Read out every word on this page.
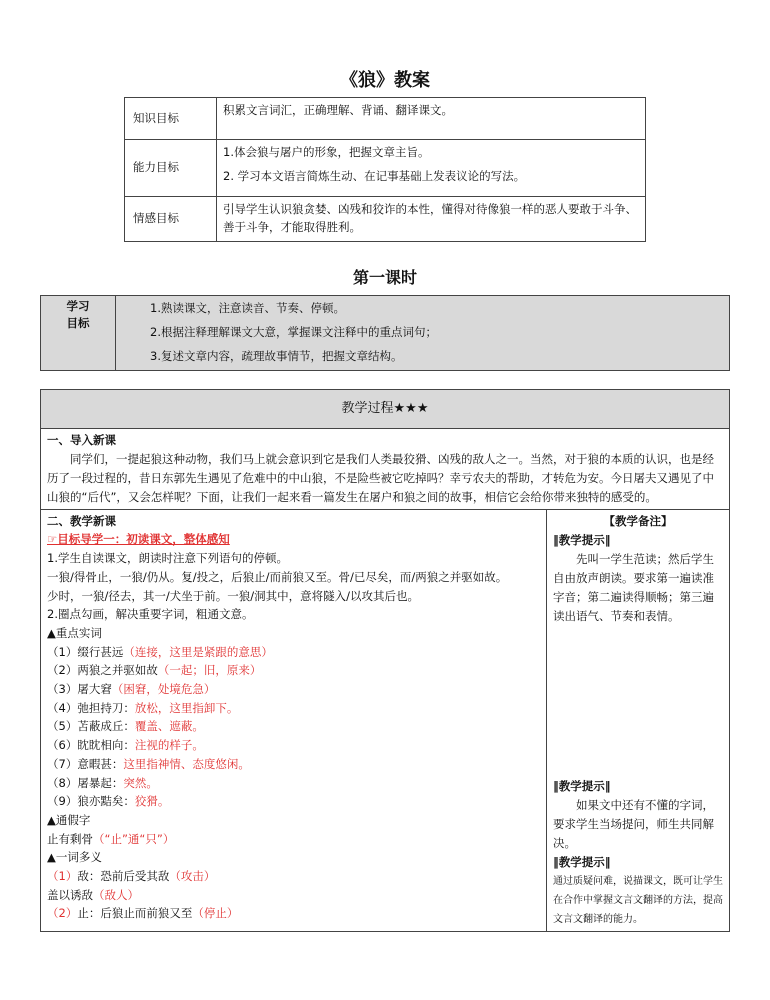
《狼》教案
知识目标	积累文言词汇，正确理解、背诵、翻译课文。

能力目标	1.体会狼与屠户的形象，把握文章主旨。

2. 学习本文语言简炼生动、在记事基础上发表议论的写法。

情感目标	引导学生认识狼贪婪、凶残和狡诈的本性，懂得对待像狼一样的恶人要敢于斗争、善于斗争，才能取得胜利。

第一课时
学习
目标

1.熟读课文，注意读音、节奏、停顿。

2.根据注释理解课文大意，掌握课文注释中的重点词句；

3.复述文章内容，疏理故事情节，把握文章结构。

教学过程★★★

一、导入新课
同学们，一提起狼这种动物，我们马上就会意识到它是我们人类最狡猾、凶残的敌人之一。当然，对于狼的本质的认识，也是经历了一段过程的，昔日东郭先生遇见了危难中的中山狼，不是险些被它吃掉吗？幸亏农夫的帮助，才转危为安。今日屠夫又遇见了中山狼的“后代”，又会怎样呢？下面，让我们一起来看一篇发生在屠户和狼之间的故事，相信它会给你带来独特的感受的。

二、教学新课
☞目标导学一：初读课文，整体感知
1.学生自读课文，朗读时注意下列语句的停顿。
一狼/得骨止，一狼/仍从。复/投之，后狼止/而前狼又至。骨/已尽矣，而/两狼之并驱如故。
少时，一狼/径去，其一/犬坐于前。一狼/洞其中，意将隧入/以攻其后也。
2.圈点勾画，解决重要字词，粗通文意。
▲重点实词
（1）缀行甚远（连接，这里是紧跟的意思）
（2）两狼之并驱如故（一起；旧，原来）
（3）屠大窘（困窘，处境危急）
（4）弛担持刀：放松，这里指卸下。
（5）苫蔽成丘：覆盖、遮蔽。
（6）眈眈相向：注视的样子。
（7）意暇甚：这里指神情、态度悠闲。
（8）屠暴起：突然。
（9）狼亦黠矣：狡猾。
▲通假字
止有剩骨（“止”通“只”）
▲一词多义
（1）敌：恐前后受其敌（攻击）
盖以诱敌（敌人）
（2）止：后狼止而前狼又至（停止）

【教学备注】

‖教学提示‖

先叫一学生范读；然后学生自由放声朗读。要求第一遍读准字音；第二遍读得顺畅；第三遍读出语气、节奏和表情。

‖教学提示‖

如果文中还有不懂的字词，要求学生当场提问，师生共同解决。

‖教学提示‖

通过质疑问难，说描课文，既可让学生在合作中掌握文言文翻译的方法，提高文言文翻译的能力。
